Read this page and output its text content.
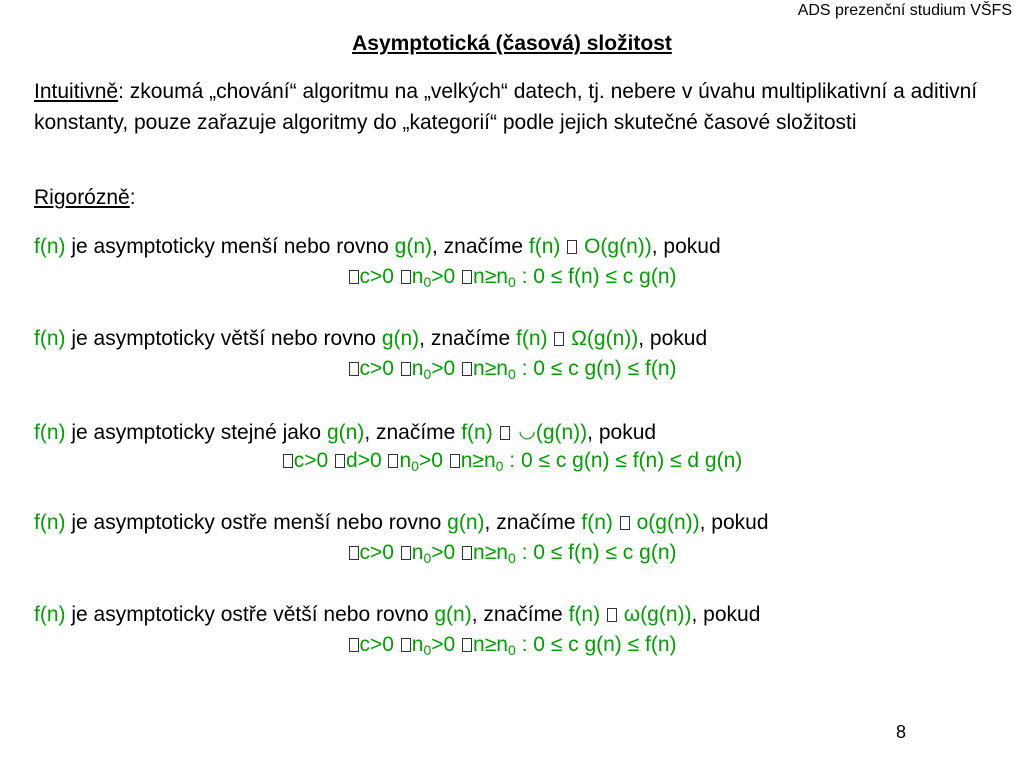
ADS prezenční studium VŠFS
Asymptotická (časová) složitost
Intuitivně: zkoumá „chování“ algoritmu na „velkých“ datech, tj. nebere v úvahu multiplikativní a aditivní konstanty, pouze zařazuje algoritmy do „kategorií“ podle jejich skutečné časové složitosti
Rigorózně:
f(n) je asymptoticky menší nebo rovno g(n), značíme f(n) O(g(n)), pokud
c>0 $n_0>0$ $n\ge n_0$ : 0 ≤ f(n) ≤ c g(n)
f(n) je asymptoticky větší nebo rovno g(n), značíme f(n) Ω(g(n)), pokud
c>0 $n_0>0$ $n\ge n_0$ : 0 ≤ c g(n) ≤ f(n)
f(n) je asymptoticky stejné jako g(n), značíme f(n) ◡(g(n)), pokud
c>0 d>0 $n_0>0$ $n\ge n_0$ : 0 ≤ c g(n) ≤ f(n) ≤ d g(n)
f(n) je asymptoticky ostře menší nebo rovno g(n), značíme f(n) o(g(n)), pokud
c>0 $n_0>0$ $n\ge n_0$ : 0 ≤ f(n) ≤ c g(n)
f(n) je asymptoticky ostře větší nebo rovno g(n), značíme f(n) ω(g(n)), pokud
c>0 $n_0>0$ $n\ge n_0$ : 0 ≤ c g(n) ≤ f(n)
8
